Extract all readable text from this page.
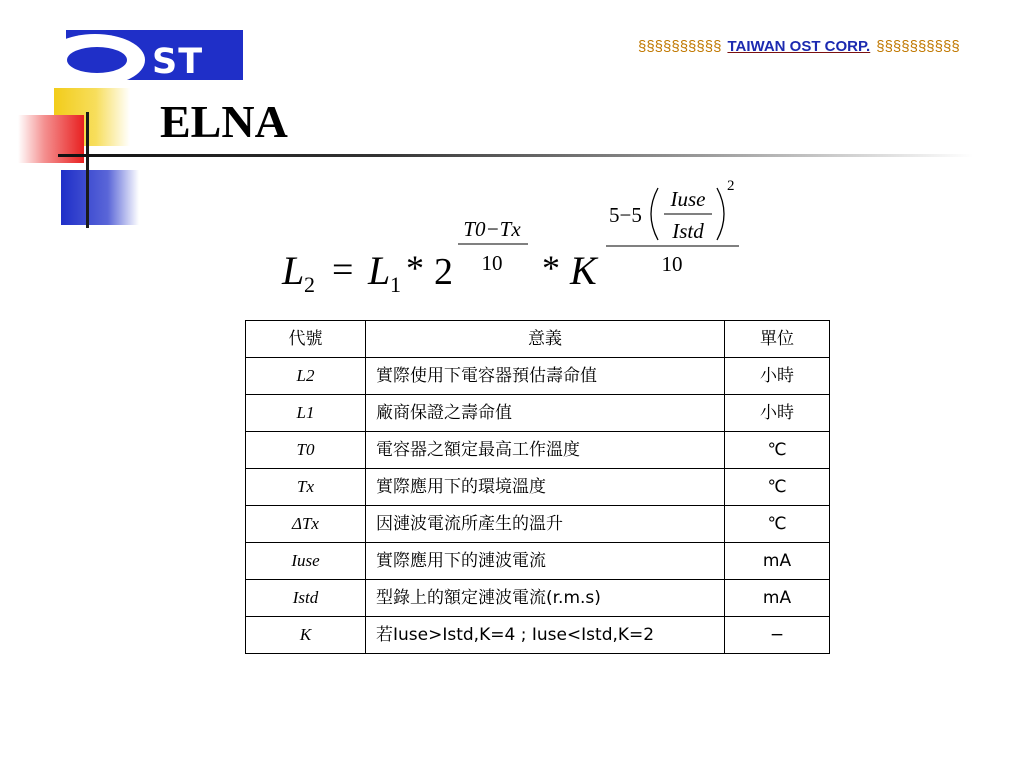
ST
ELNA
§§§§§§§§§§ TAIWAN OST CORP. §§§§§§§§§§
L 2 = L 1 * 2
T0−Tx
10 * K
5−5
Iuse
Istd
2
10
代號	意義	單位
L2	實際使用下電容器預估壽命值	小時
L1	廠商保證之壽命值	小時
T0	電容器之額定最高工作溫度	℃
Tx	實際應用下的環境溫度	℃
ΔTx	因漣波電流所產生的溫升	℃
Iuse	實際應用下的漣波電流	mA
Istd	型錄上的額定漣波電流(r.m.s)	mA
K	若Iuse>Istd,K=4 ; Iuse<Istd,K=2	−
